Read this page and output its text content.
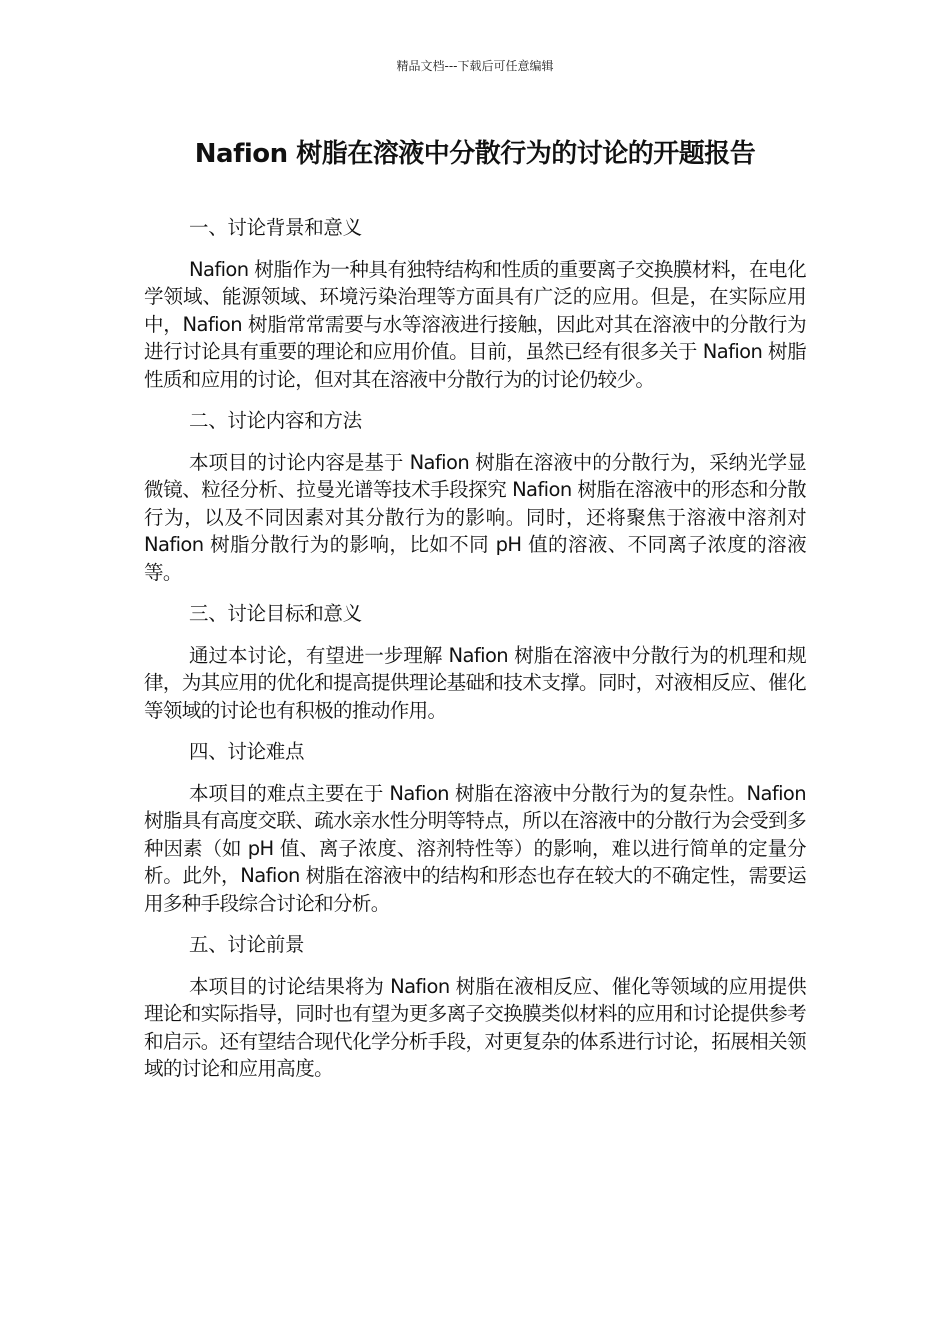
精品文档---下载后可任意编辑
Nafion 树脂在溶液中分散行为的讨论的开题报告

一、讨论背景和意义

Nafion 树脂作为一种具有独特结构和性质的重要离子交换膜材料，在电化学领域、能源领域、环境污染治理等方面具有广泛的应用。但是，在实际应用中，Nafion 树脂常常需要与水等溶液进行接触，因此对其在溶液中的分散行为进行讨论具有重要的理论和应用价值。目前，虽然已经有很多关于 Nafion 树脂性质和应用的讨论，但对其在溶液中分散行为的讨论仍较少。

二、讨论内容和方法

本项目的讨论内容是基于 Nafion 树脂在溶液中的分散行为，采纳光学显微镜、粒径分析、拉曼光谱等技术手段探究 Nafion 树脂在溶液中的形态和分散行为，以及不同因素对其分散行为的影响。同时，还将聚焦于溶液中溶剂对 Nafion 树脂分散行为的影响，比如不同 pH 值的溶液、不同离子浓度的溶液等。

三、讨论目标和意义

通过本讨论，有望进一步理解 Nafion 树脂在溶液中分散行为的机理和规律，为其应用的优化和提高提供理论基础和技术支撑。同时，对液相反应、催化等领域的讨论也有积极的推动作用。

四、讨论难点

本项目的难点主要在于 Nafion 树脂在溶液中分散行为的复杂性。Nafion 树脂具有高度交联、疏水亲水性分明等特点，所以在溶液中的分散行为会受到多种因素（如 pH 值、离子浓度、溶剂特性等）的影响，难以进行简单的定量分析。此外，Nafion 树脂在溶液中的结构和形态也存在较大的不确定性，需要运用多种手段综合讨论和分析。

五、讨论前景

本项目的讨论结果将为 Nafion 树脂在液相反应、催化等领域的应用提供理论和实际指导，同时也有望为更多离子交换膜类似材料的应用和讨论提供参考和启示。还有望结合现代化学分析手段，对更复杂的体系进行讨论，拓展相关领域的讨论和应用高度。
